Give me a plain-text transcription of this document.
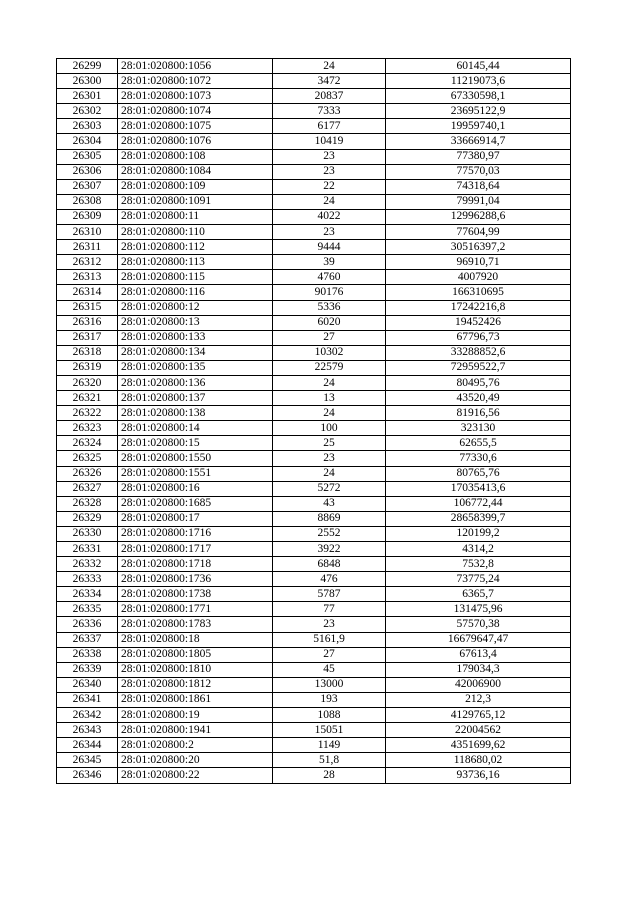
26299	28:01:020800:1056	24	60145,44
26300	28:01:020800:1072	3472	11219073,6
26301	28:01:020800:1073	20837	67330598,1
26302	28:01:020800:1074	7333	23695122,9
26303	28:01:020800:1075	6177	19959740,1
26304	28:01:020800:1076	10419	33666914,7
26305	28:01:020800:108	23	77380,97
26306	28:01:020800:1084	23	77570,03
26307	28:01:020800:109	22	74318,64
26308	28:01:020800:1091	24	79991,04
26309	28:01:020800:11	4022	12996288,6
26310	28:01:020800:110	23	77604,99
26311	28:01:020800:112	9444	30516397,2
26312	28:01:020800:113	39	96910,71
26313	28:01:020800:115	4760	4007920
26314	28:01:020800:116	90176	166310695
26315	28:01:020800:12	5336	17242216,8
26316	28:01:020800:13	6020	19452426
26317	28:01:020800:133	27	67796,73
26318	28:01:020800:134	10302	33288852,6
26319	28:01:020800:135	22579	72959522,7
26320	28:01:020800:136	24	80495,76
26321	28:01:020800:137	13	43520,49
26322	28:01:020800:138	24	81916,56
26323	28:01:020800:14	100	323130
26324	28:01:020800:15	25	62655,5
26325	28:01:020800:1550	23	77330,6
26326	28:01:020800:1551	24	80765,76
26327	28:01:020800:16	5272	17035413,6
26328	28:01:020800:1685	43	106772,44
26329	28:01:020800:17	8869	28658399,7
26330	28:01:020800:1716	2552	120199,2
26331	28:01:020800:1717	3922	4314,2
26332	28:01:020800:1718	6848	7532,8
26333	28:01:020800:1736	476	73775,24
26334	28:01:020800:1738	5787	6365,7
26335	28:01:020800:1771	77	131475,96
26336	28:01:020800:1783	23	57570,38
26337	28:01:020800:18	5161,9	16679647,47
26338	28:01:020800:1805	27	67613,4
26339	28:01:020800:1810	45	179034,3
26340	28:01:020800:1812	13000	42006900
26341	28:01:020800:1861	193	212,3
26342	28:01:020800:19	1088	4129765,12
26343	28:01:020800:1941	15051	22004562
26344	28:01:020800:2	1149	4351699,62
26345	28:01:020800:20	51,8	118680,02
26346	28:01:020800:22	28	93736,16
